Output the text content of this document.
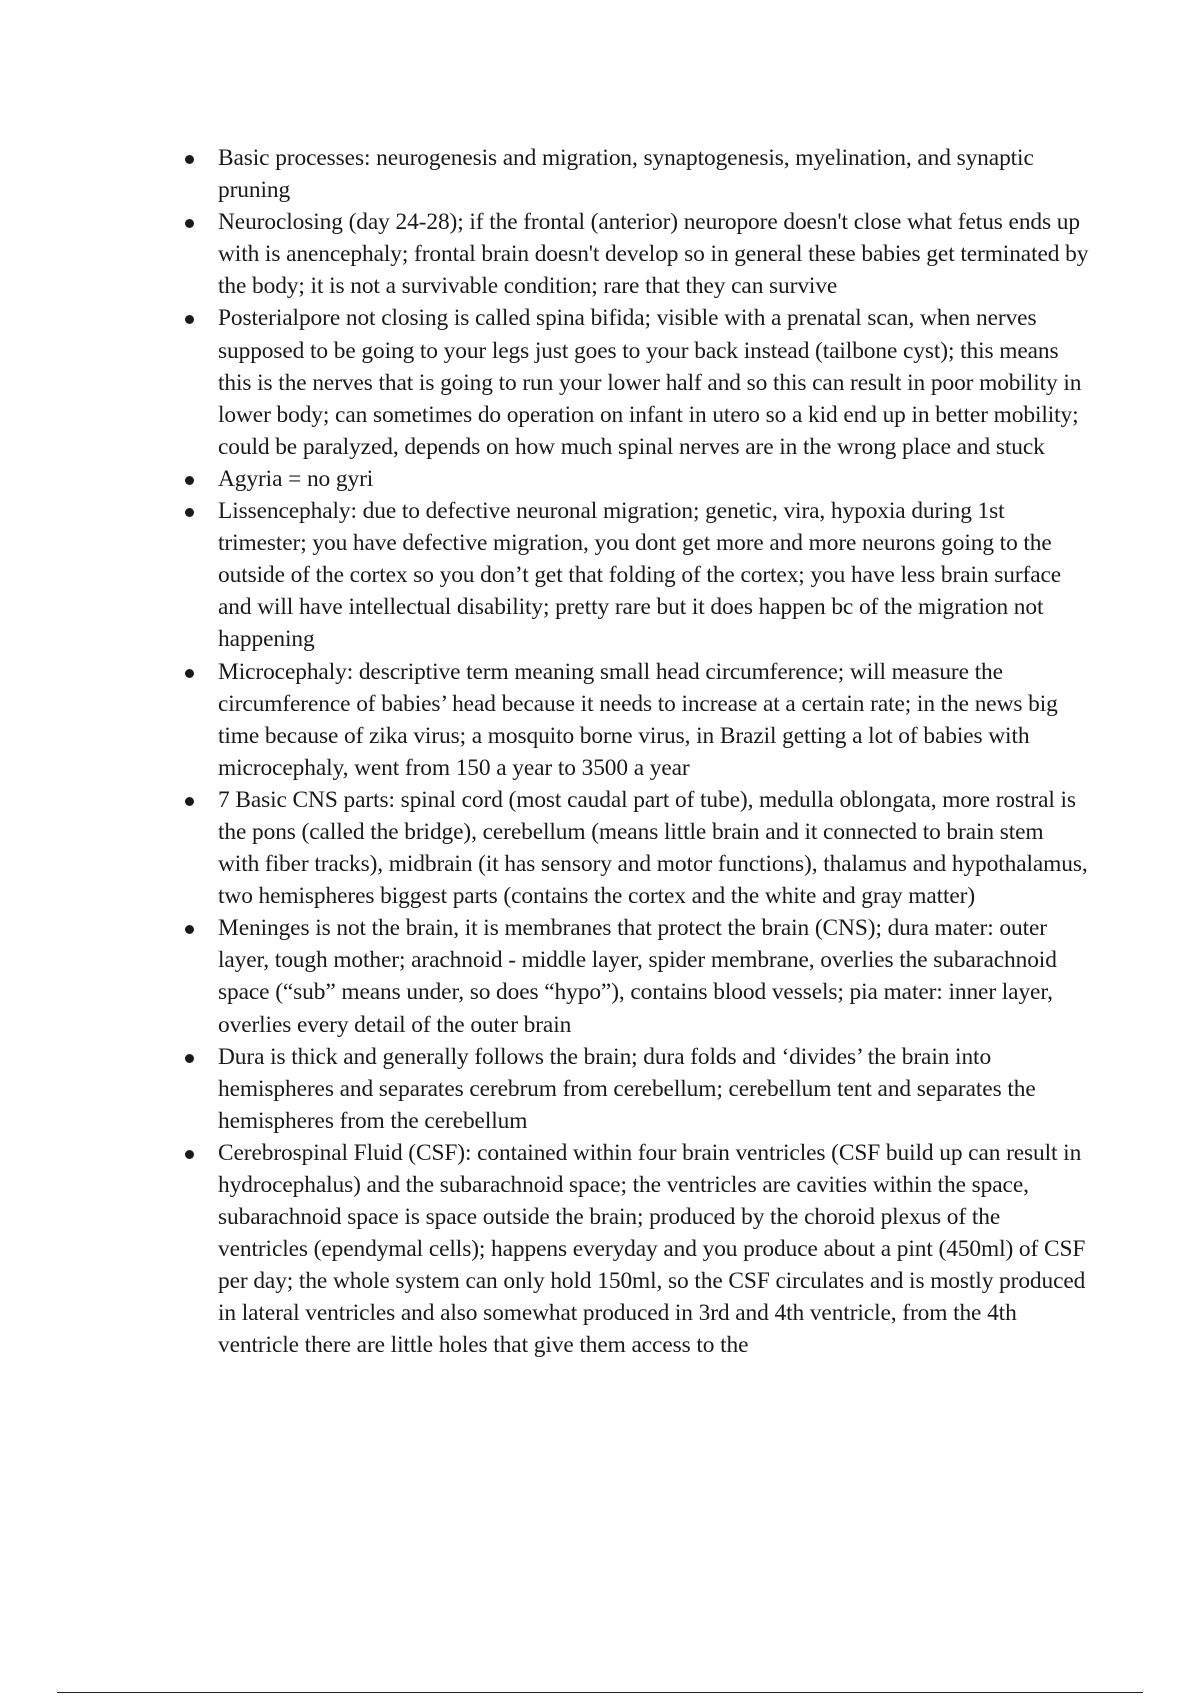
Basic processes: neurogenesis and migration, synaptogenesis, myelination, and synaptic pruning
Neuroclosing (day 24-28); if the frontal (anterior) neuropore doesn't close what fetus ends up with is anencephaly; frontal brain doesn't develop so in general these babies get terminated by the body; it is not a survivable condition; rare that they can survive
Posterialpore not closing is called spina bifida; visible with a prenatal scan, when nerves supposed to be going to your legs just goes to your back instead (tailbone cyst); this means this is the nerves that is going to run your lower half and so this can result in poor mobility in lower body; can sometimes do operation on infant in utero so a kid end up in better mobility; could be paralyzed, depends on how much spinal nerves are in the wrong place and stuck
Agyria = no gyri
Lissencephaly: due to defective neuronal migration; genetic, vira, hypoxia during 1st trimester; you have defective migration, you dont get more and more neurons going to the outside of the cortex so you don’t get that folding of the cortex; you have less brain surface and will have intellectual disability; pretty rare but it does happen bc of the migration not happening
Microcephaly: descriptive term meaning small head circumference; will measure the circumference of babies’ head because it needs to increase at a certain rate; in the news big time because of zika virus; a mosquito borne virus, in Brazil getting a lot of babies with microcephaly, went from 150 a year to 3500 a year
7 Basic CNS parts: spinal cord (most caudal part of tube), medulla oblongata, more rostral is the pons (called the bridge), cerebellum (means little brain and it connected to brain stem with fiber tracks), midbrain (it has sensory and motor functions), thalamus and hypothalamus, two hemispheres biggest parts (contains the cortex and the white and gray matter)
Meninges is not the brain, it is membranes that protect the brain (CNS); dura mater: outer layer, tough mother; arachnoid - middle layer, spider membrane, overlies the subarachnoid space (“sub” means under, so does “hypo”), contains blood vessels; pia mater: inner layer, overlies every detail of the outer brain
Dura is thick and generally follows the brain; dura folds and ‘divides’ the brain into hemispheres and separates cerebrum from cerebellum; cerebellum tent and separates the hemispheres from the cerebellum
Cerebrospinal Fluid (CSF): contained within four brain ventricles (CSF build up can result in hydrocephalus) and the subarachnoid space; the ventricles are cavities within the space, subarachnoid space is space outside the brain; produced by the choroid plexus of the ventricles (ependymal cells); happens everyday and you produce about a pint (450ml) of CSF per day; the whole system can only hold 150ml, so the CSF circulates and is mostly produced in lateral ventricles and also somewhat produced in 3rd and 4th ventricle, from the 4th ventricle there are little holes that give them access to the
